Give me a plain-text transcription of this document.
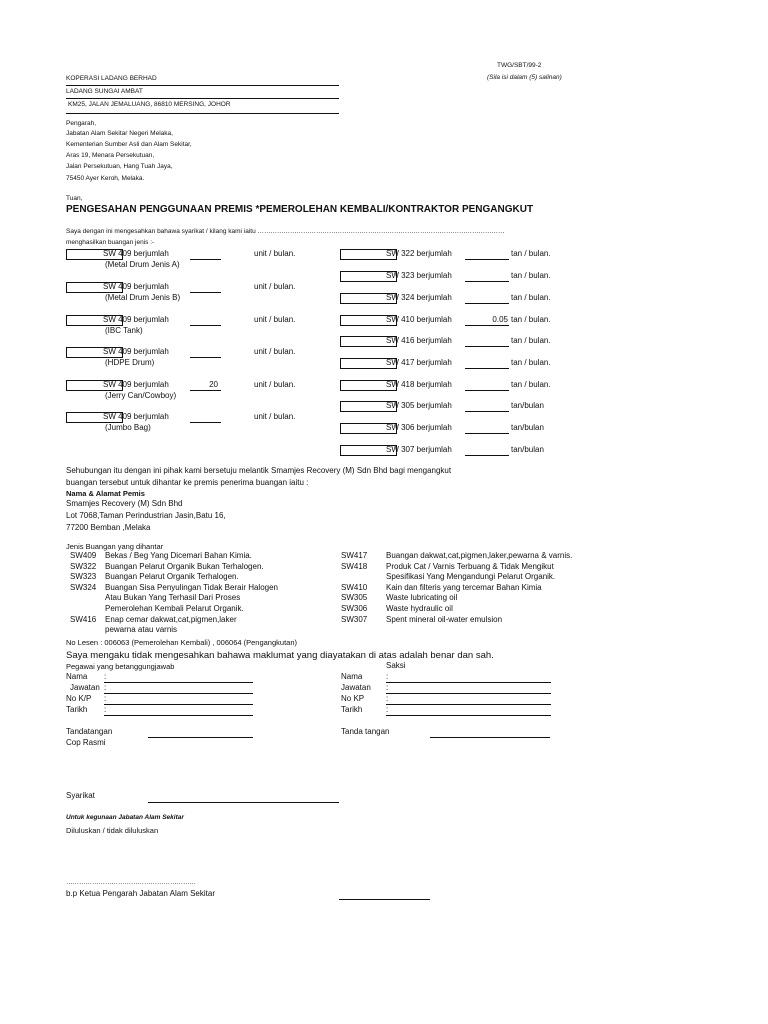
TWG/SBT/99-2
(Sila isi dalam (5) salinan)
KOPERASI LADANG BERHAD
LADANG SUNGAI AMBAT
KM25, JALAN JEMALUANG, 86810 MERSING, JOHOR
Pengarah,
Jabatan Alam Sekitar Negeri Melaka,
Kementerian Sumber Asli dan Alam Sekitar,
Aras 19, Menara Persekutuan,
Jalan Persekutuan, Hang Tuah Jaya,
75450 Ayer Keroh, Melaka.
Tuan,
PENGESAHAN PENGGUNAAN PREMIS *PEMEROLEHAN KEMBALI/KONTRAKTOR PENGANGKUT
Saya dengan ini mengesahkan bahawa syarikat / kilang kami iaitu ……………………………………………………………………………………………………
menghasilkan buangan jenis :-
SW 409 berjumlah
(Metal Drum Jenis A)
unit / bulan.
SW 409 berjumlah
(Metal Drum Jenis B)
unit / bulan.
SW 409 berjumlah
(IBC Tank)
unit / bulan.
SW 409 berjumlah
(HDPE Drum)
unit / bulan.
SW 409 berjumlah
(Jerry Can/Cowboy)
20	unit / bulan.
SW 409 berjumlah
(Jumbo Bag)
unit / bulan.
SW 322 berjumlah	tan / bulan.
SW 323 berjumlah	tan / bulan.
SW 324 berjumlah	tan / bulan.
SW 410 berjumlah	0.05 tan / bulan.
SW 416 berjumlah	tan / bulan.
SW 417 berjumlah	tan / bulan.
SW 418 berjumlah	tan / bulan.
SW 305 berjumlah	tan/bulan
SW 306 berjumlah	tan/bulan
SW 307 berjumlah	tan/bulan
Sehubungan itu dengan ini pihak kami bersetuju melantik Smamjes Recovery (M) Sdn Bhd bagi mengangkut
buangan tersebut untuk dihantar ke premis penerima buangan iaitu :
Nama & Alamat Pemis
Smamjes Recovery (M) Sdn Bhd
Lot 7068,Taman Perindustrian Jasin,Batu 16,
77200 Bemban ,Melaka
Jenis Buangan yang dihantar
SW409 Bekas / Beg Yang Dicemari Bahan Kimia.
SW322 Buangan Pelarut Organik Bukan Terhalogen.
SW323 Buangan Pelarut Organik Terhalogen.
SW324 Buangan Sisa Penyulingan Tidak Berair Halogen
Atau Bukan Yang Terhasil Dari Proses
Pemerolehan Kembali Pelarut Organik.
SW416 Enap cemar dakwat,cat,pigmen,laker
pewarna atau varnis
SW417 Buangan dakwat,cat,pigmen,laker,pewarna & varnis.
SW418 Produk Cat / Varnis Terbuang & Tidak Mengikut
Spesifikasi Yang Mengandungi Pelarut Organik.
SW410 Kain dan filteris yang tercemar Bahan Kimia
SW305 Waste lubricating oil
SW306 Waste hydraulic oil
SW307 Spent mineral oil-water emulsion
No Lesen : 006063 (Pemerolehan Kembali) , 006064 (Pengangkutan)
Saya mengaku tidak mengesahkan bahawa maklumat yang diayatakan di atas adalah benar dan sah.
Pegawai yang betanggungjawab	Saksi
Nama :
Jawatan :
No K/P :
Tarikh :
Nama	:
Jawatan :
No KP	:
Tarikh	:
Tandatangan
Cop Rasmi
Tanda tangan
Syarikat
Untuk kegunaan Jabatan Alam Sekitar
Diluluskan / tidak diluluskan
……………………………………………………
b.p Ketua Pengarah Jabatan Alam Sekitar
